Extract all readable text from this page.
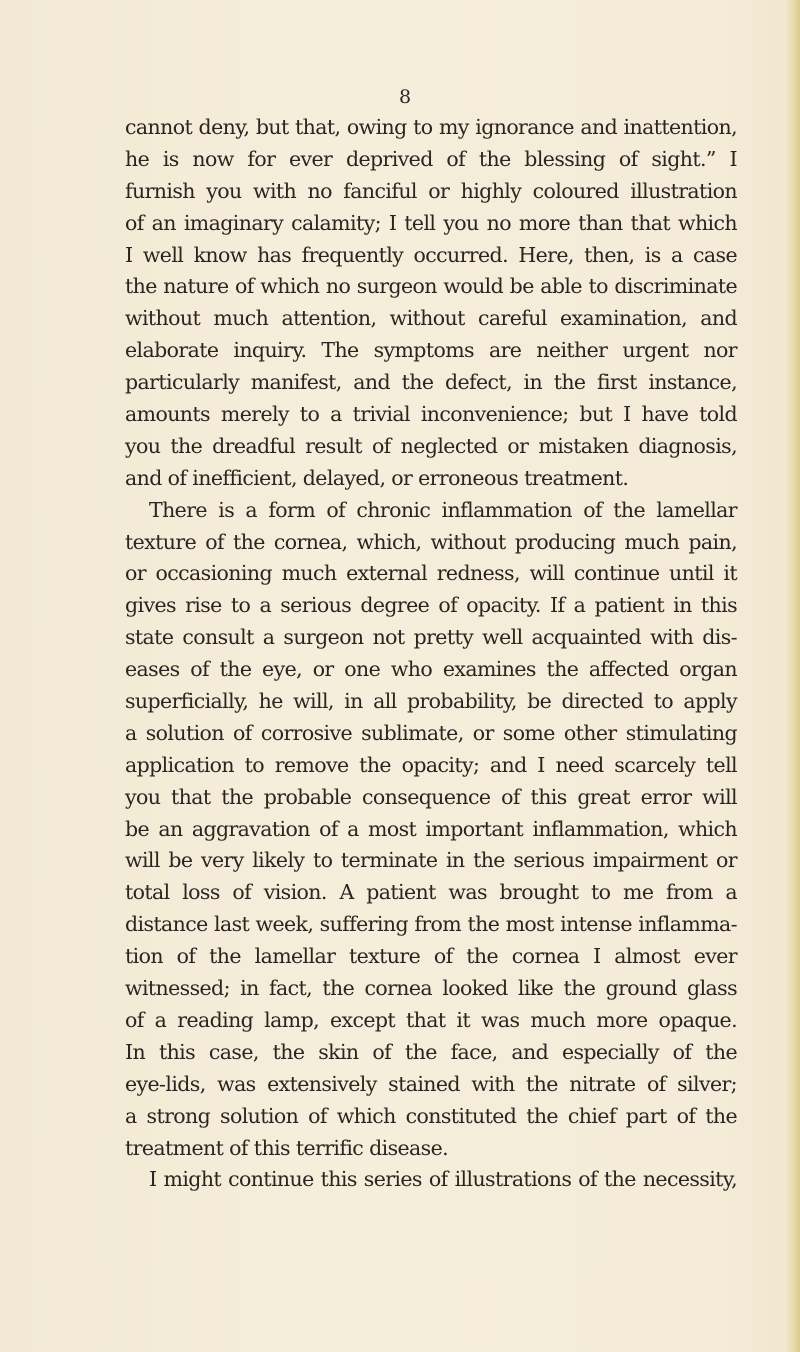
8

cannot deny, but that, owing to my ignorance and inattention,

he is now for ever deprived of the blessing of sight.” I

furnish you with no fanciful or highly coloured illustration

of an imaginary calamity; I tell you no more than that which

I well know has frequently occurred. Here, then, is a case

the nature of which no surgeon would be able to discriminate

without much attention, without careful examination, and

elaborate inquiry. The symptoms are neither urgent nor

particularly manifest, and the defect, in the first instance,

amounts merely to a trivial inconvenience; but I have told

you the dreadful result of neglected or mistaken diagnosis,

and of inefficient, delayed, or erroneous treatment.

There is a form of chronic inflammation of the lamellar

texture of the cornea, which, without producing much pain,

or occasioning much external redness, will continue until it

gives rise to a serious degree of opacity. If a patient in this

state consult a surgeon not pretty well acquainted with dis-

eases of the eye, or one who examines the affected organ

superficially, he will, in all probability, be directed to apply

a solution of corrosive sublimate, or some other stimulating

application to remove the opacity; and I need scarcely tell

you that the probable consequence of this great error will

be an aggravation of a most important inflammation, which

will be very likely to terminate in the serious impairment or

total loss of vision. A patient was brought to me from a

distance last week, suffering from the most intense inflamma-

tion of the lamellar texture of the cornea I almost ever

witnessed; in fact, the cornea looked like the ground glass

of a reading lamp, except that it was much more opaque.

In this case, the skin of the face, and especially of the

eye-lids, was extensively stained with the nitrate of silver;

a strong solution of which constituted the chief part of the

treatment of this terrific disease.

I might continue this series of illustrations of the necessity,
